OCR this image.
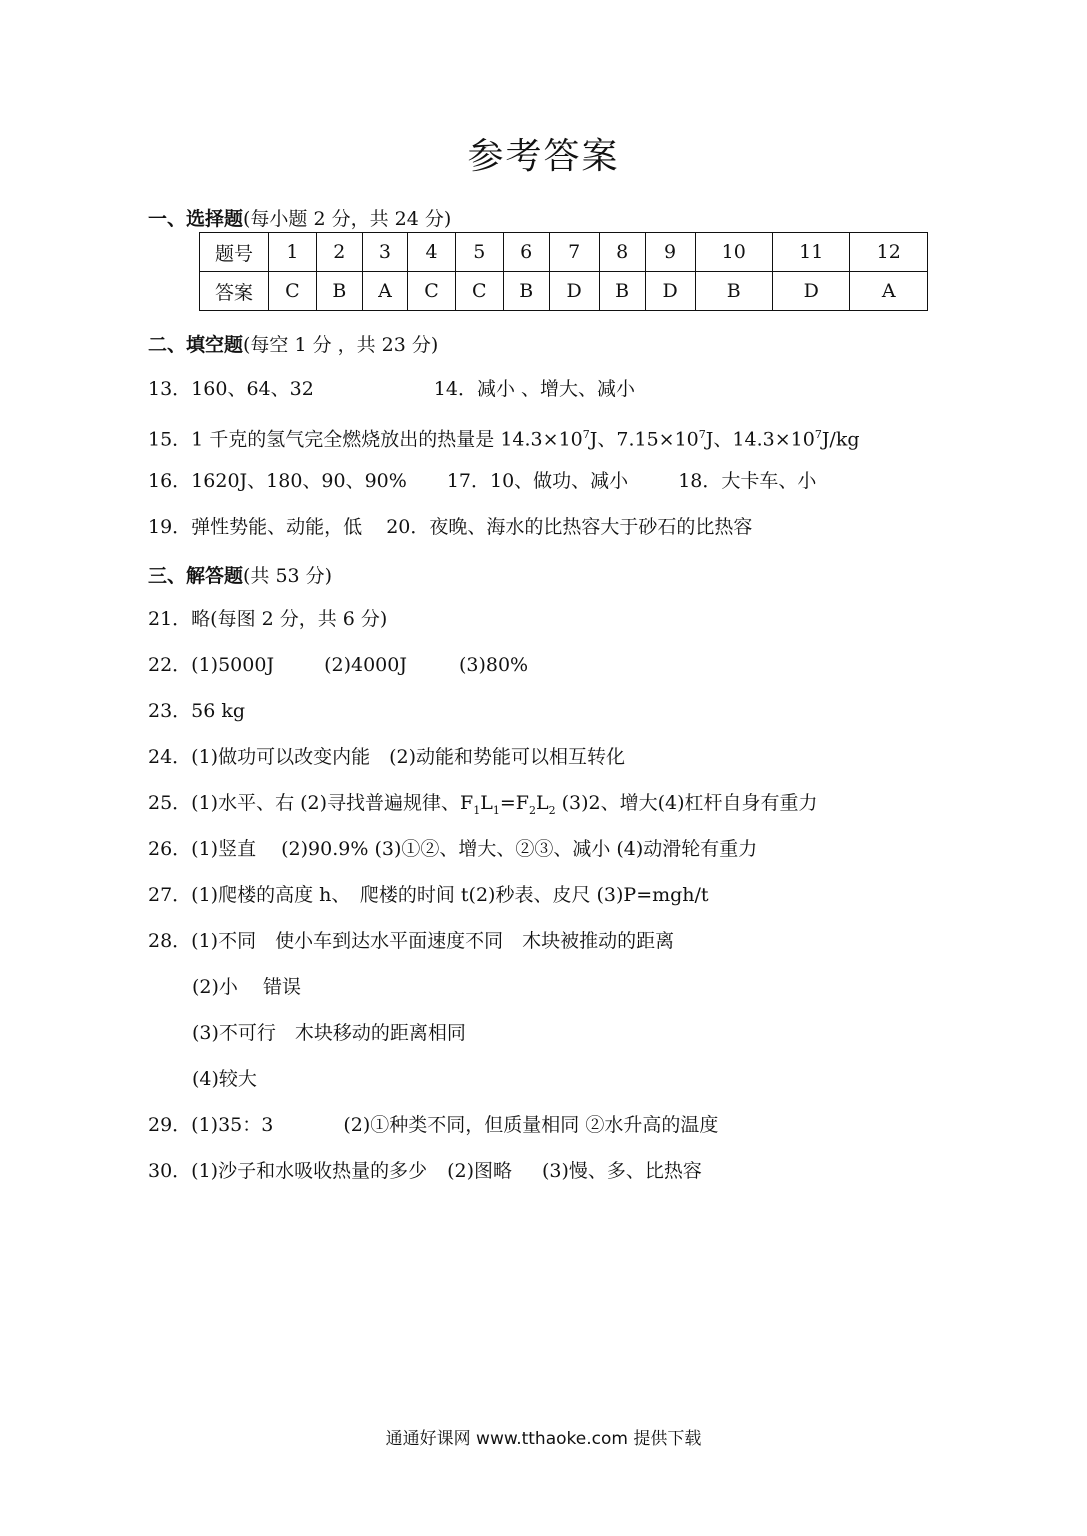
参考答案
一、选择题(每小题 2 分，共 24 分)
题号	1	2	3	4	5	6	7	8	9	10	11	12
答案	C	B	A	C	C	B	D	B	D	B	D	A
二、填空题(每空 1 分 ，共 23 分)
13．160、64、32	14．减小 、增大、减小
15．1 千克的氢气完全燃烧放出的热量是 $14.3\times 10^7J$、$7.15\times 10^7J$、$14.3\times 10^7J/kg$
16．1620J、180、90、90% 17．10、做功、减小	18．大卡车、小
19．弹性势能、动能，低 20．夜晚、海水的比热容大于砂石的比热容
三、解答题(共 53 分)
21．略(每图 2 分，共 6 分)
22．(1)5000J	(2)4000J	(3)80%
23．56 kg
24．(1)做功可以改变内能　(2)动能和势能可以相互转化
25．(1)水平、右 (2)寻找普遍规律、$F_1L_1=F_2L_2$ (3)2、增大(4)杠杆自身有重力
26．(1)竖直　 (2)90.9% (3)①②、增大、②③、减小 (4)动滑轮有重力
27．(1)爬楼的高度 h、　爬楼的时间 t(2)秒表、皮尺 (3)P=mgh/t
28．(1)不同　使小车到达水平面速度不同　木块被推动的距离
(2)小　 错误
(3)不可行　木块移动的距离相同
(4)较大
29．(1)35：3	(2)①种类不同，但质量相同 ②水升高的温度
30．(1)沙子和水吸收热量的多少 (2)图略 (3)慢、多、比热容
通通好课网 www.tthaoke.com 提供下载
